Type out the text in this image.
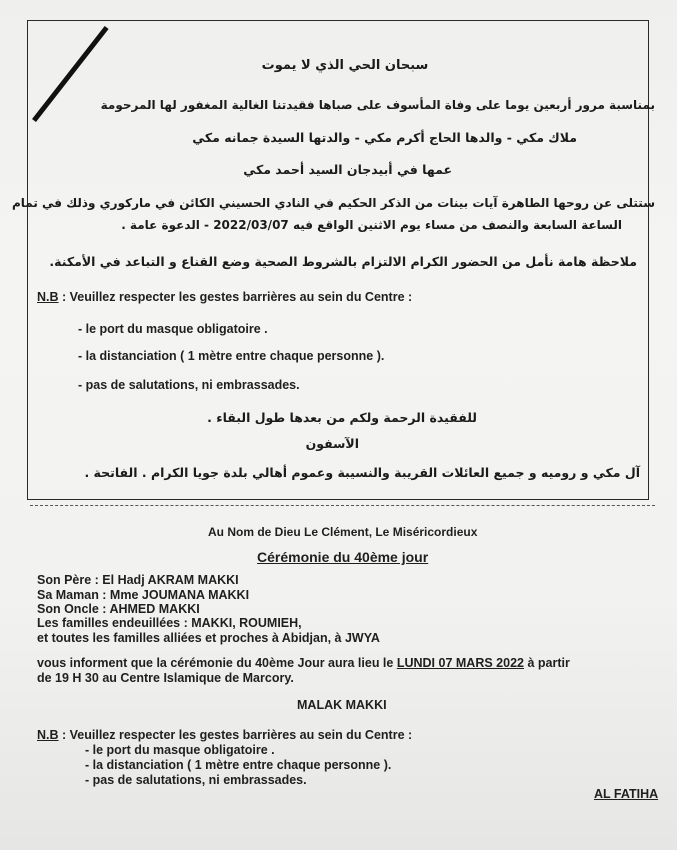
سبحان الحي الذي لا يموت
بمناسبة مرور أربعين يوما على وفاة المأسوف على صباها فقيدتنا الغالية المغفور لها المرحومة
ملاك مكي - والدها الحاج أكرم مكي - والدتها السيدة جمانه مكي
عمها في أبيدجان السيد أحمد مكي
ستتلى عن روحها الطاهرة آيات بينات من الذكر الحكيم في النادي الحسيني الكائن في ماركوري وذلك في تمام
الساعة السابعة والنصف من مساء يوم الاثنين الواقع فيه 2022/03/07 - الدعوة عامة .
ملاحظة هامة نأمل من الحضور الكرام الالتزام بالشروط الصحية وضع القناع و التباعد في الأمكنة.
N.B : Veuillez respecter les gestes barrières au sein du Centre :
- le port du masque obligatoire .
- la distanciation ( 1 mètre entre chaque personne ).
- pas de salutations, ni embrassades.
للفقيدة الرحمة ولكم من بعدها طول البقاء .
الآسفون
آل مكي و روميه و جميع العائلات القريبة والنسيبة وعموم أهالي بلدة جويا الكرام . الفاتحة .
Au Nom de Dieu Le Clément, Le Miséricordieux
Cérémonie du 40ème jour
Son Père : El Hadj AKRAM MAKKI
Sa Maman : Mme JOUMANA MAKKI
Son Oncle : AHMED MAKKI
Les familles endeuillées : MAKKI, ROUMIEH,
et toutes les familles alliées et proches à Abidjan, à JWYA
vous informent que la cérémonie du 40ème Jour aura lieu le LUNDI 07 MARS 2022 à partir
de 19 H 30 au Centre Islamique de Marcory.
MALAK MAKKI
N.B : Veuillez respecter les gestes barrières au sein du Centre :
- le port du masque obligatoire .
- la distanciation ( 1 mètre entre chaque personne ).
- pas de salutations, ni embrassades.
AL FATIHA
